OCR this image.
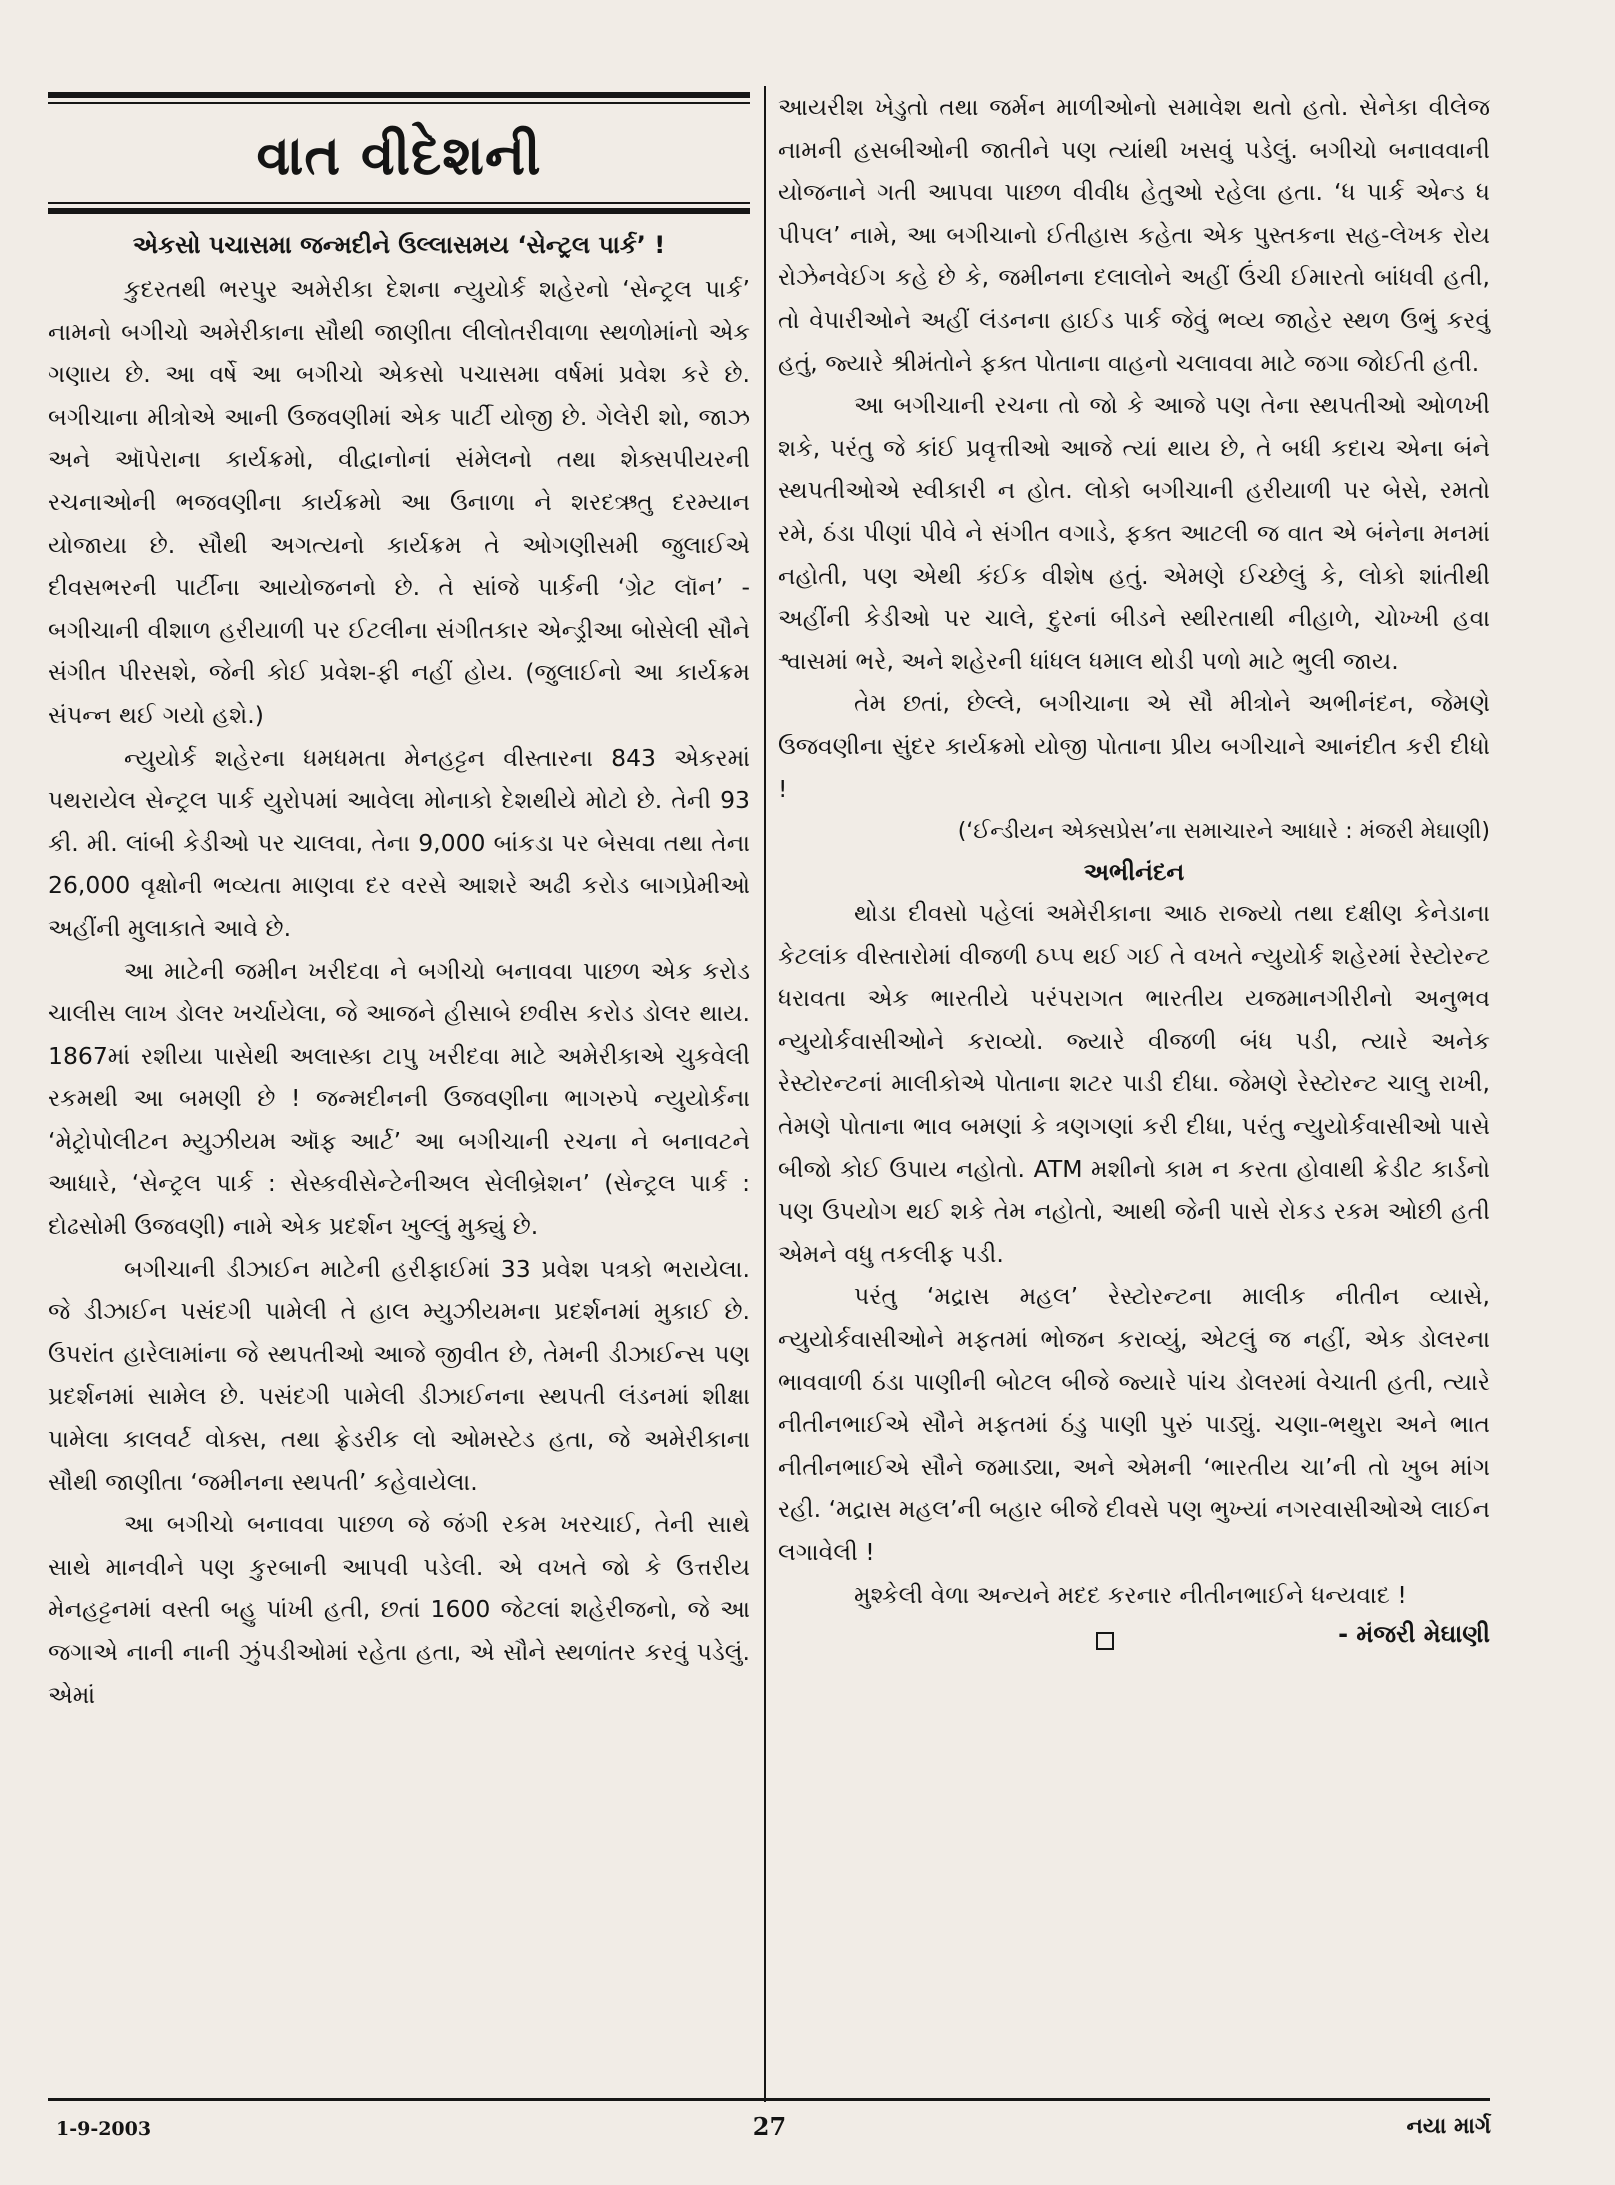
વાત વીદેશની
એકસો પચાસમા જન્મદીને ઉલ્લાસમય ‘સેન્ટ્રલ પાર્ક’ !

કુદરતથી ભરપુર અમેરીકા દેશના ન્યુયોર્ક શહેરનો ‘સેન્ટ્રલ પાર્ક’ નામનો બગીચો અમેરીકાના સૌથી જાણીતા લીલોતરીવાળા સ્થળોમાંનો એક ગણાય છે. આ વર્ષે આ બગીચો એકસો પચાસમા વર્ષમાં પ્રવેશ કરે છે. બગીચાના મીત્રોએ આની ઉજવણીમાં એક પાર્ટી યોજી છે. ગેલેરી શો, જાઝ અને ઑપેરાના કાર્યક્રમો, વીદ્વાનોનાં સંમેલનો તથા શેક્સપીયરની રચનાઓની ભજવણીના કાર્યક્રમો આ ઉનાળા ને શરદઋતુ દરમ્યાન યોજાયા છે. સૌથી અગત્યનો કાર્યક્રમ તે ઓગણીસમી જુલાઈએ દીવસભરની પાર્ટીના આયોજનનો છે. તે સાંજે પાર્કની ‘ગ્રેટ લૉન’ - બગીચાની વીશાળ હરીયાળી પર ઈટલીના સંગીતકાર એન્ડ્રીઆ બોસેલી સૌને સંગીત પીરસશે, જેની કોઈ પ્રવેશ-ફી નહીં હોય. (જુલાઈનો આ કાર્યક્રમ સંપન્ન થઈ ગયો હશે.)

ન્યુયોર્ક શહેરના ધમધમતા મેનહટ્ટન વીસ્તારના 843 એકરમાં પથરાયેલ સેન્ટ્રલ પાર્ક યુરોપમાં આવેલા મોનાકો દેશથીયે મોટો છે. તેની 93 કી. મી. લાંબી કેડીઓ પર ચાલવા, તેના 9,000 બાંકડા પર બેસવા તથા તેના 26,000 વૃક્ષોની ભવ્યતા માણવા દર વરસે આશરે અઢી કરોડ બાગપ્રેમીઓ અહીંની મુલાકાતે આવે છે.

આ માટેની જમીન ખરીદવા ને બગીચો બનાવવા પાછળ એક કરોડ ચાલીસ લાખ ડોલર ખર્ચાયેલા, જે આજને હીસાબે છવીસ કરોડ ડોલર થાય. 1867માં રશીયા પાસેથી અલાસ્કા ટાપુ ખરીદવા માટે અમેરીકાએ ચુકવેલી રકમથી આ બમણી છે ! જન્મદીનની ઉજવણીના ભાગરુપે ન્યુયોર્કના ‘મેટ્રોપોલીટન મ્યુઝીયમ ઑફ આર્ટ’ આ બગીચાની રચના ને બનાવટને આધારે, ‘સેન્ટ્રલ પાર્ક : સેસ્કવીસેન્ટેનીઅલ સેલીબ્રેશન’ (સેન્ટ્રલ પાર્ક : દોઢસોમી ઉજવણી) નામે એક પ્રદર્શન ખુલ્લું મુક્યું છે.

બગીચાની ડીઝાઈન માટેની હરીફાઈમાં 33 પ્રવેશ પત્રકો ભરાયેલા. જે ડીઝાઈન પસંદગી પામેલી તે હાલ મ્યુઝીયમના પ્રદર્શનમાં મુકાઈ છે. ઉપરાંત હારેલામાંના જે સ્થપતીઓ આજે જીવીત છે, તેમની ડીઝાઈન્સ પણ પ્રદર્શનમાં સામેલ છે. પસંદગી પામેલી ડીઝાઈનના સ્થપતી લંડનમાં શીક્ષા પામેલા કાલવર્ટ વોક્સ, તથા ફ્રેડરીક લો ઓમસ્ટેડ હતા, જે અમેરીકાના સૌથી જાણીતા ‘જમીનના સ્થપતી’ કહેવાયેલા.

આ બગીચો બનાવવા પાછળ જે જંગી રકમ ખરચાઈ, તેની સાથે સાથે માનવીને પણ કુરબાની આપવી પડેલી. એ વખતે જો કે ઉત્તરીય મેનહટ્ટનમાં વસ્તી બહુ પાંખી હતી, છતાં 1600 જેટલાં શહેરીજનો, જે આ જગાએ નાની નાની ઝુંપડીઓમાં રહેતા હતા, એ સૌને સ્થળાંતર કરવું પડેલું. એમાં

આયરીશ ખેડુતો તથા જર્મન માળીઓનો સમાવેશ થતો હતો. સેનેકા વીલેજ નામની હસબીઓની જાતીને પણ ત્યાંથી ખસવું પડેલું. બગીચો બનાવવાની યોજનાને ગતી આપવા પાછળ વીવીધ હેતુઓ રહેલા હતા. ‘ધ પાર્ક એન્ડ ધ પીપલ’ નામે, આ બગીચાનો ઈતીહાસ કહેતા એક પુસ્તકના સહ-લેખક રોય રોઝેનવેઈગ કહે છે કે, જમીનના દલાલોને અહીં ઉંચી ઈમારતો બાંધવી હતી, તો વેપારીઓને અહીં લંડનના હાઈડ પાર્ક જેવું ભવ્ય જાહેર સ્થળ ઉભું કરવું હતું, જ્યારે શ્રીમંતોને ફક્ત પોતાના વાહનો ચલાવવા માટે જગા જોઈતી હતી.

આ બગીચાની રચના તો જો કે આજે પણ તેના સ્થપતીઓ ઓળખી શકે, પરંતુ જે કાંઈ પ્રવૃત્તીઓ આજે ત્યાં થાય છે, તે બધી કદાચ એના બંને સ્થપતીઓએ સ્વીકારી ન હોત. લોકો બગીચાની હરીયાળી પર બેસે, રમતો રમે, ઠંડા પીણાં પીવે ને સંગીત વગાડે, ફક્ત આટલી જ વાત એ બંનેના મનમાં નહોતી, પણ એથી કંઈક વીશેષ હતું. એમણે ઈચ્છેલું કે, લોકો શાંતીથી અહીંની કેડીઓ પર ચાલે, દુરનાં બીડને સ્થીરતાથી નીહાળે, ચોખ્ખી હવા શ્વાસમાં ભરે, અને શહેરની ધાંધલ ધમાલ થોડી પળો માટે ભુલી જાય.

તેમ છતાં, છેલ્લે, બગીચાના એ સૌ મીત્રોને અભીનંદન, જેમણે ઉજવણીના સુંદર કાર્યક્રમો યોજી પોતાના પ્રીય બગીચાને આનંદીત કરી દીધો !

(‘ઈન્ડીયન એક્સપ્રેસ’ના સમાચારને આધારે : મંજરી મેઘાણી)

અભીનંદન

થોડા દીવસો પહેલાં અમેરીકાના આઠ રાજ્યો તથા દક્ષીણ કેનેડાના કેટલાંક વીસ્તારોમાં વીજળી ઠપ્પ થઈ ગઈ તે વખતે ન્યુયોર્ક શહેરમાં રેસ્ટોરન્ટ ધરાવતા એક ભારતીયે પરંપરાગત ભારતીય યજમાનગીરીનો અનુભવ ન્યુયોર્કવાસીઓને કરાવ્યો. જ્યારે વીજળી બંધ પડી, ત્યારે અનેક રેસ્ટોરન્ટનાં માલીકોએ પોતાના શટર પાડી દીધા. જેમણે રેસ્ટોરન્ટ ચાલુ રાખી, તેમણે પોતાના ભાવ બમણાં કે ત્રણગણાં કરી દીધા, પરંતુ ન્યુયોર્કવાસીઓ પાસે બીજો કોઈ ઉપાય નહોતો. ATM મશીનો કામ ન કરતા હોવાથી ક્રેડીટ કાર્ડનો પણ ઉપયોગ થઈ શકે તેમ નહોતો, આથી જેની પાસે રોકડ રકમ ઓછી હતી એમને વધુ તકલીફ પડી.

પરંતુ ‘મદ્રાસ મહલ’ રેસ્ટોરન્ટના માલીક નીતીન વ્યાસે, ન્યુયોર્કવાસીઓને મફતમાં ભોજન કરાવ્યું, એટલું જ નહીં, એક ડોલરના ભાવવાળી ઠંડા પાણીની બોટલ બીજે જ્યારે પાંચ ડોલરમાં વેચાતી હતી, ત્યારે નીતીનભાઈએ સૌને મફતમાં ઠંડુ પાણી પુરું પાડ્યું. ચણા-ભથુરા અને ભાત નીતીનભાઈએ સૌને જમાડ્યા, અને એમની ‘ભારતીય ચા’ની તો ખુબ માંગ રહી. ‘મદ્રાસ મહલ’ની બહાર બીજે દીવસે પણ ભુખ્યાં નગરવાસીઓએ લાઈન લગાવેલી !

મુશ્કેલી વેળા અન્યને મદદ કરનાર નીતીનભાઈને ધન્યવાદ !

- મંજરી મેઘાણી
1-9-2003	27	નયા માર્ગ
